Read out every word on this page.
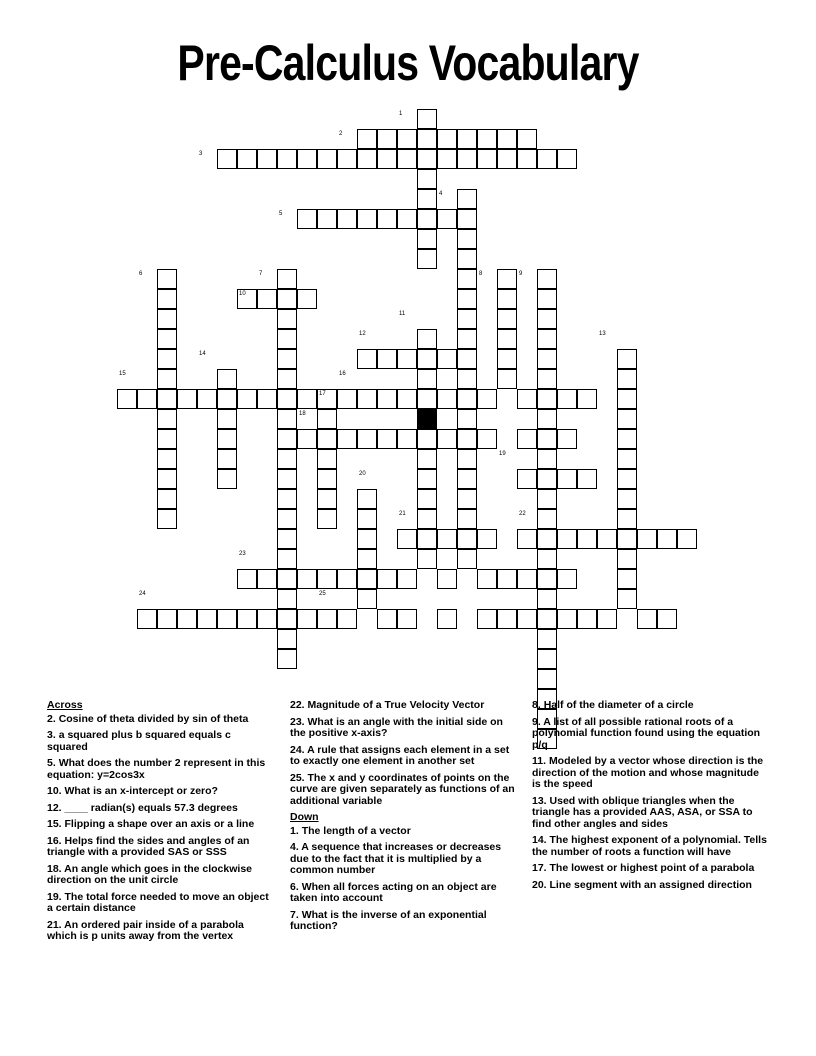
Pre-Calculus Vocabulary
1
2
3
4
5
6	7	8	9
10
11
12	13
14
15	16
17
18
19
20
21	22
23
24	25
Across
2. Cosine of theta divided by sin of theta
3. a squared plus b squared equals c squared
5. What does the number 2 represent in this equation: y=2cos3x
10. What is an x-intercept or zero?
12. ____ radian(s) equals 57.3 degrees
15. Flipping a shape over an axis or a line
16. Helps find the sides and angles of an triangle with a provided SAS or SSS
18. An angle which goes in the clockwise direction on the unit circle
19. The total force needed to move an object a certain distance
21. An ordered pair inside of a parabola which is p units away from the vertex
22. Magnitude of a True Velocity Vector
23. What is an angle with the initial side on the positive x-axis?
24. A rule that assigns each element in a set to exactly one element in another set
25. The x and y coordinates of points on the curve are given separately as functions of an additional variable
Down
1. The length of a vector
4. A sequence that increases or decreases due to the fact that it is multiplied by a common number
6. When all forces acting on an object are taken into account
7. What is the inverse of an exponential function?
8. Half of the diameter of a circle
9. A list of all possible rational roots of a polynomial function found using the equation p/q
11. Modeled by a vector whose direction is the direction of the motion and whose magnitude is the speed
13. Used with oblique triangles when the triangle has a provided AAS, ASA, or SSA to find other angles and sides
14. The highest exponent of a polynomial. Tells the number of roots a function will have
17. The lowest or highest point of a parabola
20. Line segment with an assigned direction
